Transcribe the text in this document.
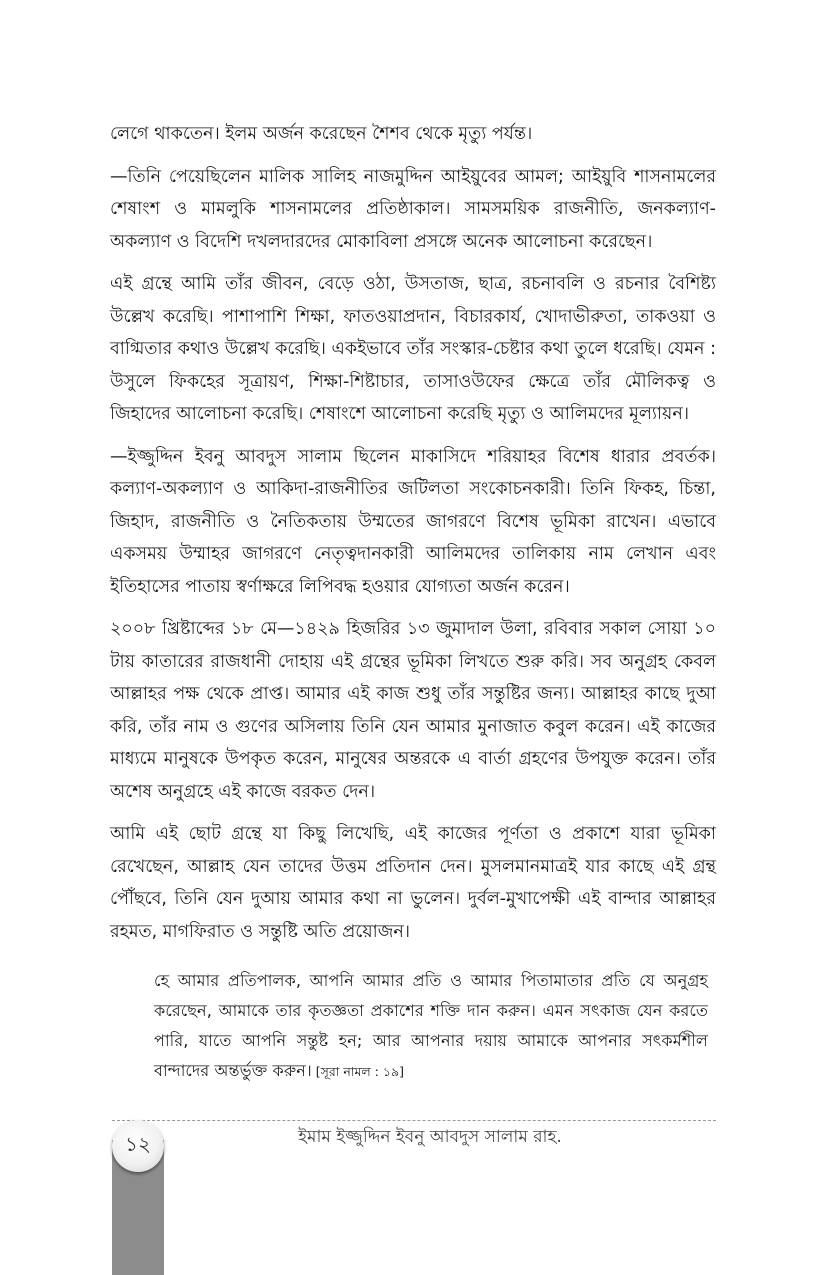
লেগে থাকতেন। ইলম অর্জন করেছেন শৈশব থেকে মৃত্যু পর্যন্ত।

—তিনি পেয়েছিলেন মালিক সালিহ নাজমুদ্দিন আইয়ুবের আমল; আইয়ুবি শাসনামলের শেষাংশ ও মামলুকি শাসনামলের প্রতিষ্ঠাকাল। সামসময়িক রাজনীতি, জনকল্যাণ-অকল্যাণ ও বিদেশি দখলদারদের মোকাবিলা প্রসঙ্গে অনেক আলোচনা করেছেন।

এই গ্রন্থে আমি তাঁর জীবন, বেড়ে ওঠা, উসতাজ, ছাত্র, রচনাবলি ও রচনার বৈশিষ্ট্য উল্লেখ করেছি। পাশাপাশি শিক্ষা, ফাতওয়াপ্রদান, বিচারকার্য, খোদাভীরুতা, তাকওয়া ও বাগ্মিতার কথাও উল্লেখ করেছি। একইভাবে তাঁর সংস্কার-চেষ্টার কথা তুলে ধরেছি। যেমন : উসুলে ফিকহের সূত্রায়ণ, শিক্ষা-শিষ্টাচার, তাসাওউফের ক্ষেত্রে তাঁর মৌলিকত্ব ও জিহাদের আলোচনা করেছি। শেষাংশে আলোচনা করেছি মৃত্যু ও আলিমদের মূল্যায়ন।

—ইজ্জুদ্দিন ইবনু আবদুস সালাম ছিলেন মাকাসিদে শরিয়াহর বিশেষ ধারার প্রবর্তক। কল্যাণ-অকল্যাণ ও আকিদা-রাজনীতির জটিলতা সংকোচনকারী। তিনি ফিকহ, চিন্তা, জিহাদ, রাজনীতি ও নৈতিকতায় উম্মতের জাগরণে বিশেষ ভূমিকা রাখেন। এভাবে একসময় উম্মাহর জাগরণে নেতৃত্বদানকারী আলিমদের তালিকায় নাম লেখান এবং ইতিহাসের পাতায় স্বর্ণাক্ষরে লিপিবদ্ধ হওয়ার যোগ্যতা অর্জন করেন।

২০০৮ খ্রিষ্টাব্দের ১৮ মে—১৪২৯ হিজরির ১৩ জুমাদাল উলা, রবিবার সকাল সোয়া ১০ টায় কাতারের রাজধানী দোহায় এই গ্রন্থের ভূমিকা লিখতে শুরু করি। সব অনুগ্রহ কেবল আল্লাহর পক্ষ থেকে প্রাপ্ত। আমার এই কাজ শুধু তাঁর সন্তুষ্টির জন্য। আল্লাহর কাছে দুআ করি, তাঁর নাম ও গুণের অসিলায় তিনি যেন আমার মুনাজাত কবুল করেন। এই কাজের মাধ্যমে মানুষকে উপকৃত করেন, মানুষের অন্তরকে এ বার্তা গ্রহণের উপযুক্ত করেন। তাঁর অশেষ অনুগ্রহে এই কাজে বরকত দেন।

আমি এই ছোট গ্রন্থে যা কিছু লিখেছি, এই কাজের পূর্ণতা ও প্রকাশে যারা ভূমিকা রেখেছেন, আল্লাহ যেন তাদের উত্তম প্রতিদান দেন। মুসলমানমাত্রই যার কাছে এই গ্রন্থ পৌঁছবে, তিনি যেন দুআয় আমার কথা না ভুলেন। দুর্বল-মুখাপেক্ষী এই বান্দার আল্লাহর রহমত, মাগফিরাত ও সন্তুষ্টি অতি প্রয়োজন।

হে আমার প্রতিপালক, আপনি আমার প্রতি ও আমার পিতামাতার প্রতি যে অনুগ্রহ করেছেন, আমাকে তার কৃতজ্ঞতা প্রকাশের শক্তি দান করুন। এমন সৎকাজ যেন করতে পারি, যাতে আপনি সন্তুষ্ট হন; আর আপনার দয়ায় আমাকে আপনার সৎকর্মশীল বান্দাদের অন্তর্ভুক্ত করুন। [সূরা নামল : ১৯]

১২	ইমাম ইজ্জুদ্দিন ইবনু আবদুস সালাম রাহ.
